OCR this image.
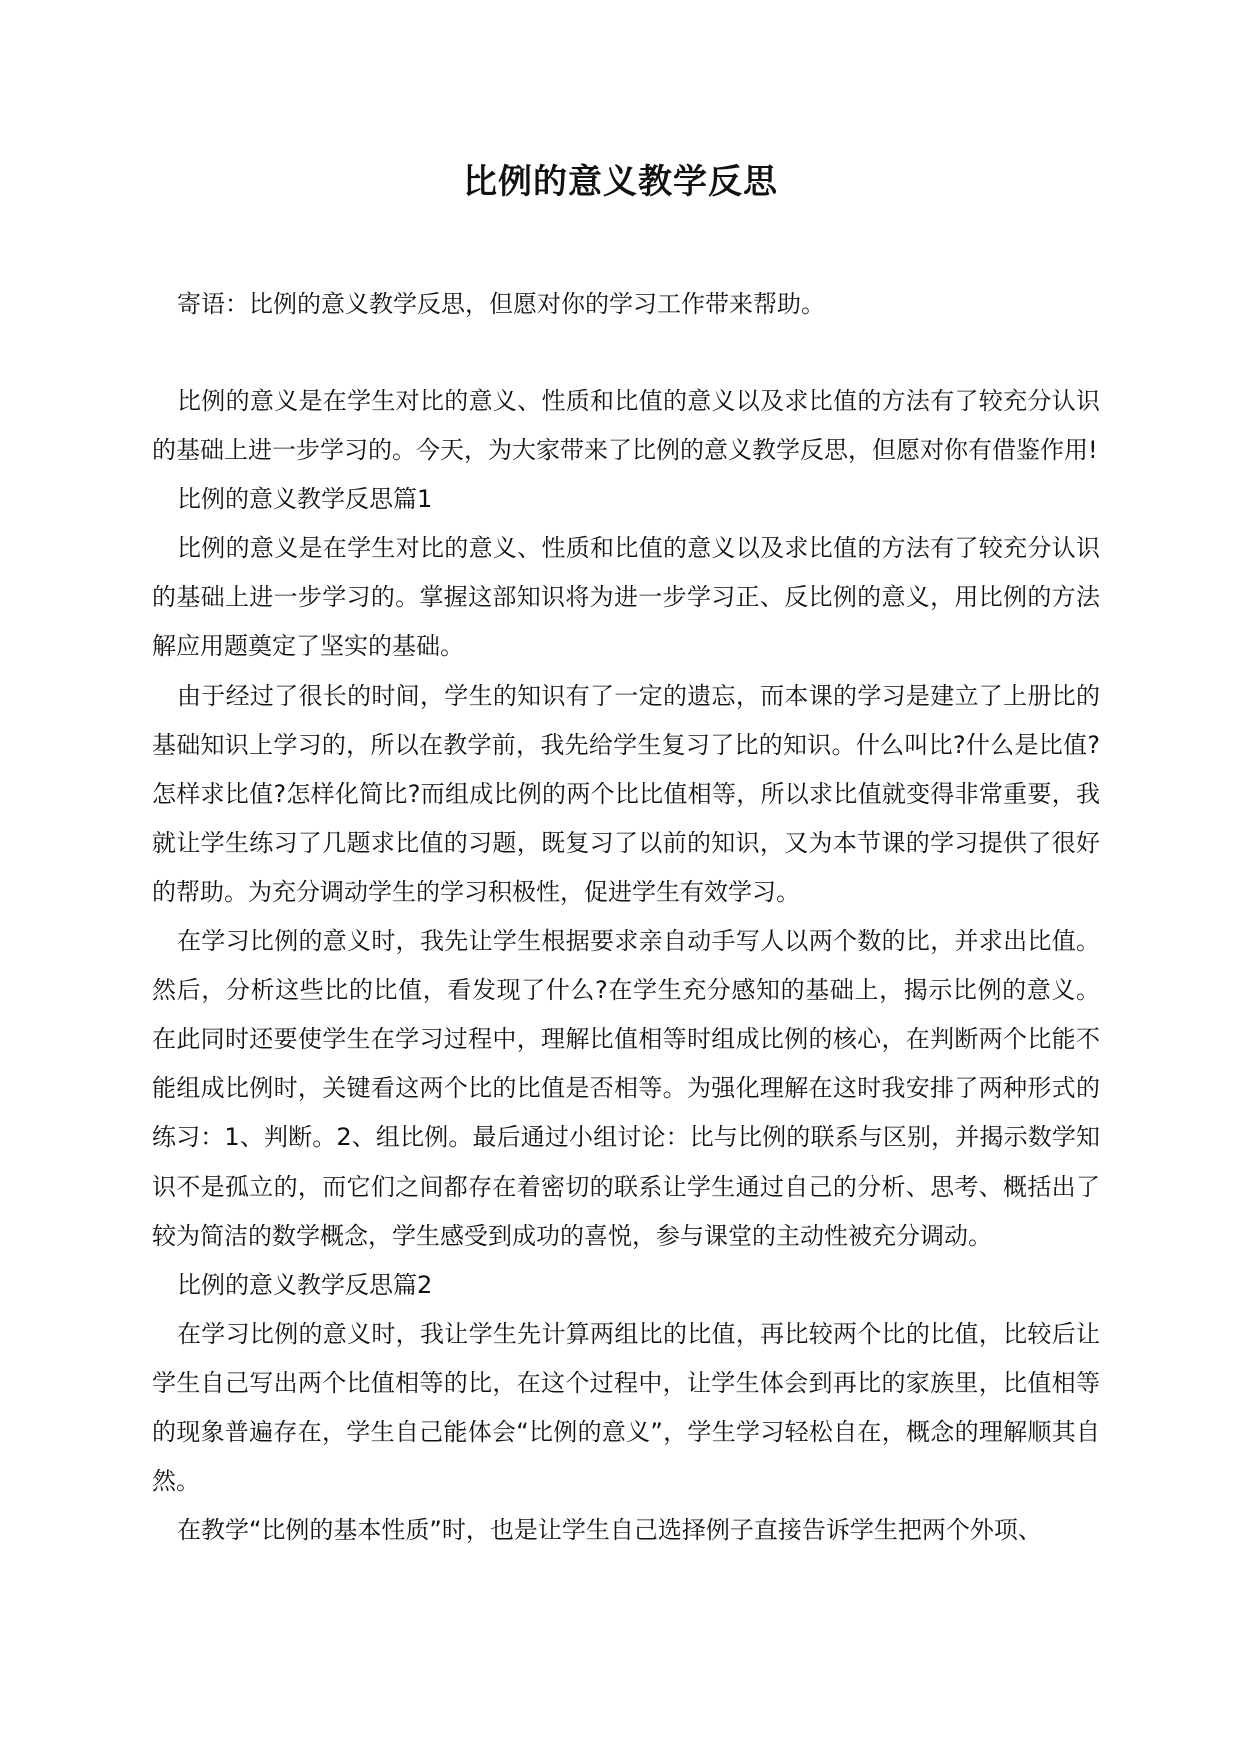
比例的意义教学反思

寄语：比例的意义教学反思，但愿对你的学习工作带来帮助。

比例的意义是在学生对比的意义、性质和比值的意义以及求比值的方法有了较充分认识的基础上进一步学习的。今天，为大家带来了比例的意义教学反思，但愿对你有借鉴作用!

比例的意义教学反思篇1

比例的意义是在学生对比的意义、性质和比值的意义以及求比值的方法有了较充分认识的基础上进一步学习的。掌握这部知识将为进一步学习正、反比例的意义，用比例的方法解应用题奠定了坚实的基础。

由于经过了很长的时间，学生的知识有了一定的遗忘，而本课的学习是建立了上册比的基础知识上学习的，所以在教学前，我先给学生复习了比的知识。什么叫比?什么是比值?怎样求比值?怎样化简比?而组成比例的两个比比值相等，所以求比值就变得非常重要，我就让学生练习了几题求比值的习题，既复习了以前的知识，又为本节课的学习提供了很好的帮助。为充分调动学生的学习积极性，促进学生有效学习。

在学习比例的意义时，我先让学生根据要求亲自动手写人以两个数的比，并求出比值。然后，分析这些比的比值，看发现了什么?在学生充分感知的基础上，揭示比例的意义。在此同时还要使学生在学习过程中，理解比值相等时组成比例的核心，在判断两个比能不能组成比例时，关键看这两个比的比值是否相等。为强化理解在这时我安排了两种形式的练习：1、判断。2、组比例。最后通过小组讨论：比与比例的联系与区别，并揭示数学知识不是孤立的，而它们之间都存在着密切的联系让学生通过自己的分析、思考、概括出了较为简洁的数学概念，学生感受到成功的喜悦，参与课堂的主动性被充分调动。

比例的意义教学反思篇2

在学习比例的意义时，我让学生先计算两组比的比值，再比较两个比的比值，比较后让学生自己写出两个比值相等的比，在这个过程中，让学生体会到再比的家族里，比值相等的现象普遍存在，学生自己能体会“比例的意义”，学生学习轻松自在，概念的理解顺其自然。

在教学“比例的基本性质”时，也是让学生自己选择例子直接告诉学生把两个外项、
